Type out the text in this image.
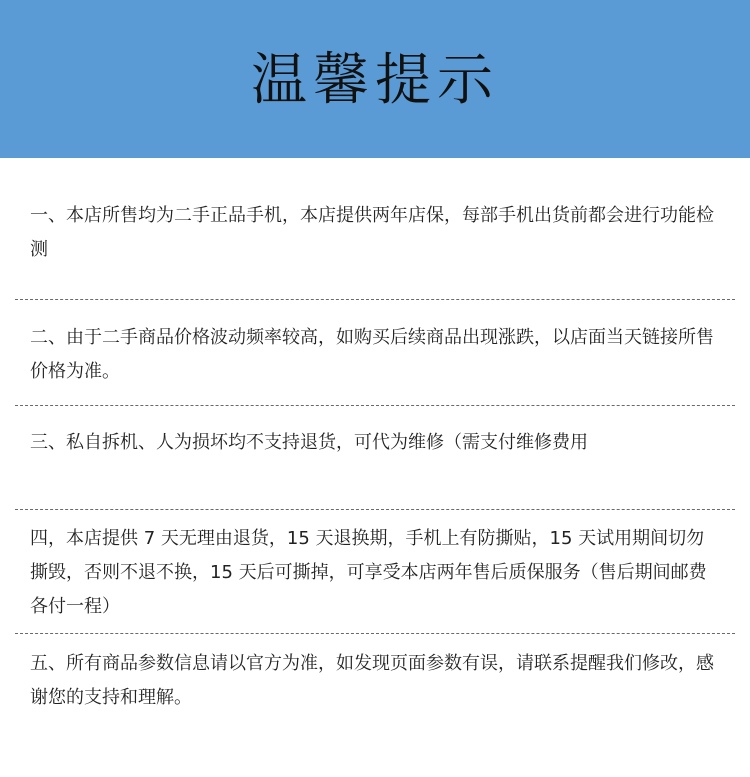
温馨提示

一、本店所售均为二手正品手机，本店提供两年店保，每部手机出货前都会进行功能检测

二、由于二手商品价格波动频率较高，如购买后续商品出现涨跌，以店面当天链接所售价格为准。

三、私自拆机、人为损坏均不支持退货，可代为维修（需支付维修费用

四，本店提供 7 天无理由退货，15 天退换期，手机上有防撕贴，15 天试用期间切勿撕毁，否则不退不换，15 天后可撕掉，可享受本店两年售后质保服务（售后期间邮费各付一程）

五、所有商品参数信息请以官方为准，如发现页面参数有误，请联系提醒我们修改，感谢您的支持和理解。
